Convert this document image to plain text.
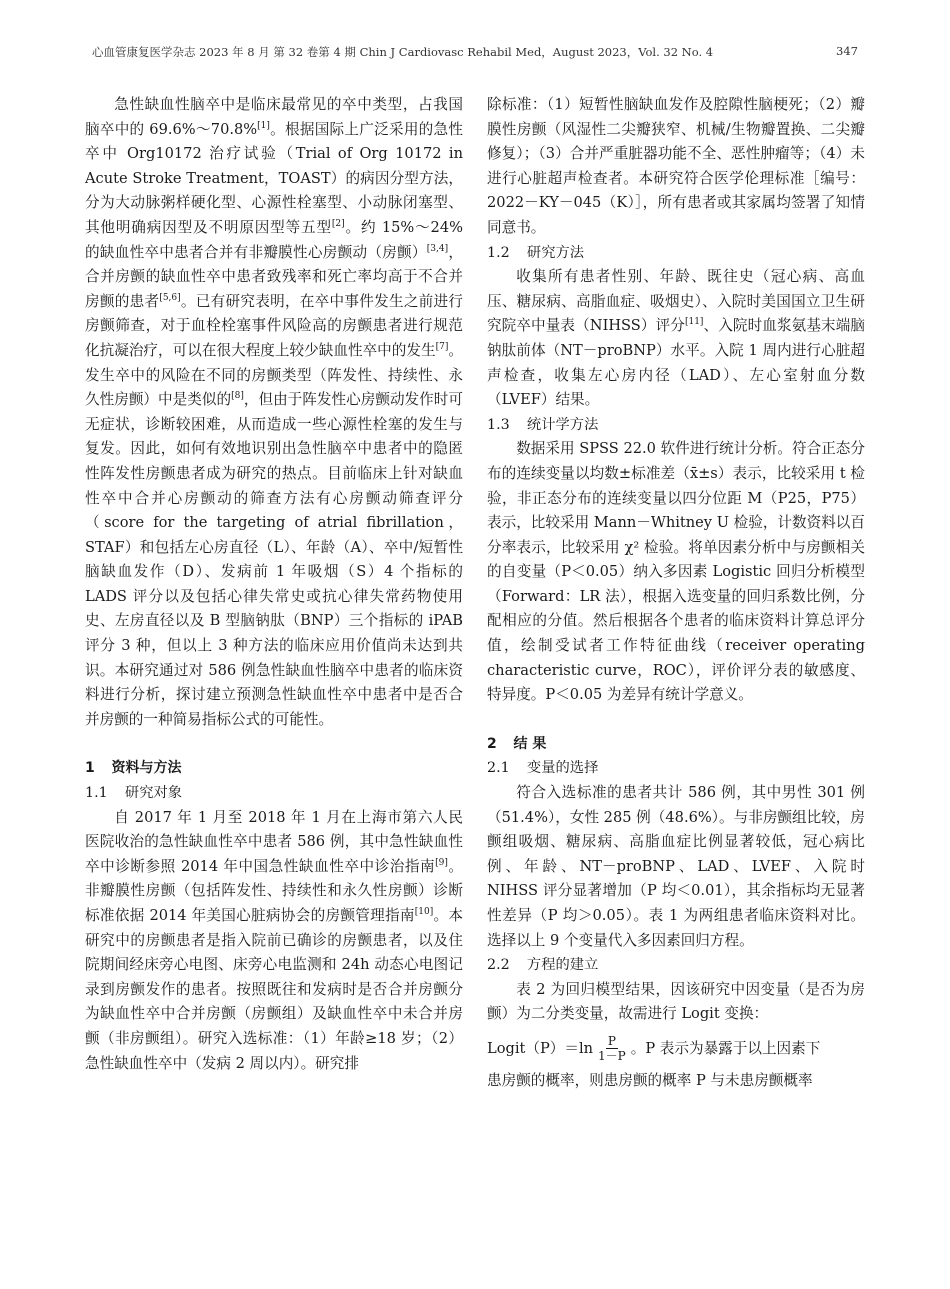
心血管康复医学杂志 2023 年 8 月 第 32 卷第 4 期 Chin J Cardiovasc Rehabil Med，August 2023，Vol. 32 No. 4	347

急性缺血性脑卒中是临床最常见的卒中类型，占我国脑卒中的 69.6%～70.8%[1]。根据国际上广泛采用的急性卒中 Org10172 治疗试验（Trial of Org 10172 in Acute Stroke Treatment，TOAST）的病因分型方法，分为大动脉粥样硬化型、心源性栓塞型、小动脉闭塞型、其他明确病因型及不明原因型等五型[2]。约 15%～24% 的缺血性卒中患者合并有非瓣膜性心房颤动（房颤）[3,4]，合并房颤的缺血性卒中患者致残率和死亡率均高于不合并房颤的患者[5,6]。已有研究表明，在卒中事件发生之前进行房颤筛查，对于血栓栓塞事件风险高的房颤患者进行规范化抗凝治疗，可以在很大程度上较少缺血性卒中的发生[7]。发生卒中的风险在不同的房颤类型（阵发性、持续性、永久性房颤）中是类似的[8]，但由于阵发性心房颤动发作时可无症状，诊断较困难，从而造成一些心源性栓塞的发生与复发。因此，如何有效地识别出急性脑卒中患者中的隐匿性阵发性房颤患者成为研究的热点。目前临床上针对缺血性卒中合并心房颤动的筛查方法有心房颤动筛查评分（score for the targeting of atrial fibrillation，STAF）和包括左心房直径（L）、年龄（A）、卒中/短暂性脑缺血发作（D）、发病前 1 年吸烟（S）4 个指标的 LADS 评分以及包括心律失常史或抗心律失常药物使用史、左房直径以及 B 型脑钠肽（BNP）三个指标的 iPAB 评分 3 种，但以上 3 种方法的临床应用价值尚未达到共识。本研究通过对 586 例急性缺血性脑卒中患者的临床资料进行分析，探讨建立预测急性缺血性卒中患者中是否合并房颤的一种简易指标公式的可能性。

1 资料与方法
1.1 研究对象

自 2017 年 1 月至 2018 年 1 月在上海市第六人民医院收治的急性缺血性卒中患者 586 例，其中急性缺血性卒中诊断参照 2014 年中国急性缺血性卒中诊治指南[9]。非瓣膜性房颤（包括阵发性、持续性和永久性房颤）诊断标准依据 2014 年美国心脏病协会的房颤管理指南[10]。本研究中的房颤患者是指入院前已确诊的房颤患者，以及住院期间经床旁心电图、床旁心电监测和 24h 动态心电图记录到房颤发作的患者。按照既往和发病时是否合并房颤分为缺血性卒中合并房颤（房颤组）及缺血性卒中未合并房颤（非房颤组）。研究入选标准：（1）年龄≥18 岁；（2）急性缺血性卒中（发病 2 周以内）。研究排

除标准：（1）短暂性脑缺血发作及腔隙性脑梗死；（2）瓣膜性房颤（风湿性二尖瓣狭窄、机械/生物瓣置换、二尖瓣修复）；（3）合并严重脏器功能不全、恶性肿瘤等；（4）未进行心脏超声检查者。本研究符合医学伦理标准［编号：2022－KY－045（K）］，所有患者或其家属均签署了知情同意书。

1.2 研究方法

收集所有患者性别、年龄、既往史（冠心病、高血压、糖尿病、高脂血症、吸烟史）、入院时美国国立卫生研究院卒中量表（NIHSS）评分[11]、入院时血浆氨基末端脑钠肽前体（NT－proBNP）水平。入院 1 周内进行心脏超声检查，收集左心房内径（LAD）、左心室射血分数（LVEF）结果。

1.3 统计学方法

数据采用 SPSS 22.0 软件进行统计分析。符合正态分布的连续变量以均数±标准差（x̄±s）表示，比较采用 t 检验，非正态分布的连续变量以四分位距 M（P25，P75）表示，比较采用 Mann－Whitney U 检验，计数资料以百分率表示，比较采用 χ² 检验。将单因素分析中与房颤相关的自变量（P＜0.05）纳入多因素 Logistic 回归分析模型（Forward：LR 法），根据入选变量的回归系数比例，分配相应的分值。然后根据各个患者的临床资料计算总评分值，绘制受试者工作特征曲线（receiver operating characteristic curve，ROC），评价评分表的敏感度、特异度。P＜0.05 为差异有统计学意义。

2 结 果
2.1 变量的选择

符合入选标准的患者共计 586 例，其中男性 301 例（51.4%），女性 285 例（48.6%）。与非房颤组比较，房颤组吸烟、糖尿病、高脂血症比例显著较低，冠心病比例、年龄、NT－proBNP、LAD、LVEF、入院时 NIHSS 评分显著增加（P 均＜0.01），其余指标均无显著性差异（P 均＞0.05）。表 1 为两组患者临床资料对比。选择以上 9 个变量代入多因素回归方程。

2.2 方程的建立

表 2 为回归模型结果，因该研究中因变量（是否为房颤）为二分类变量，故需进行 Logit 变换：

Logit（P）＝ln $\frac{P}{1-P}$ 。P 表示为暴露于以上因素下

患房颤的概率，则患房颤的概率 P 与未患房颤概率
